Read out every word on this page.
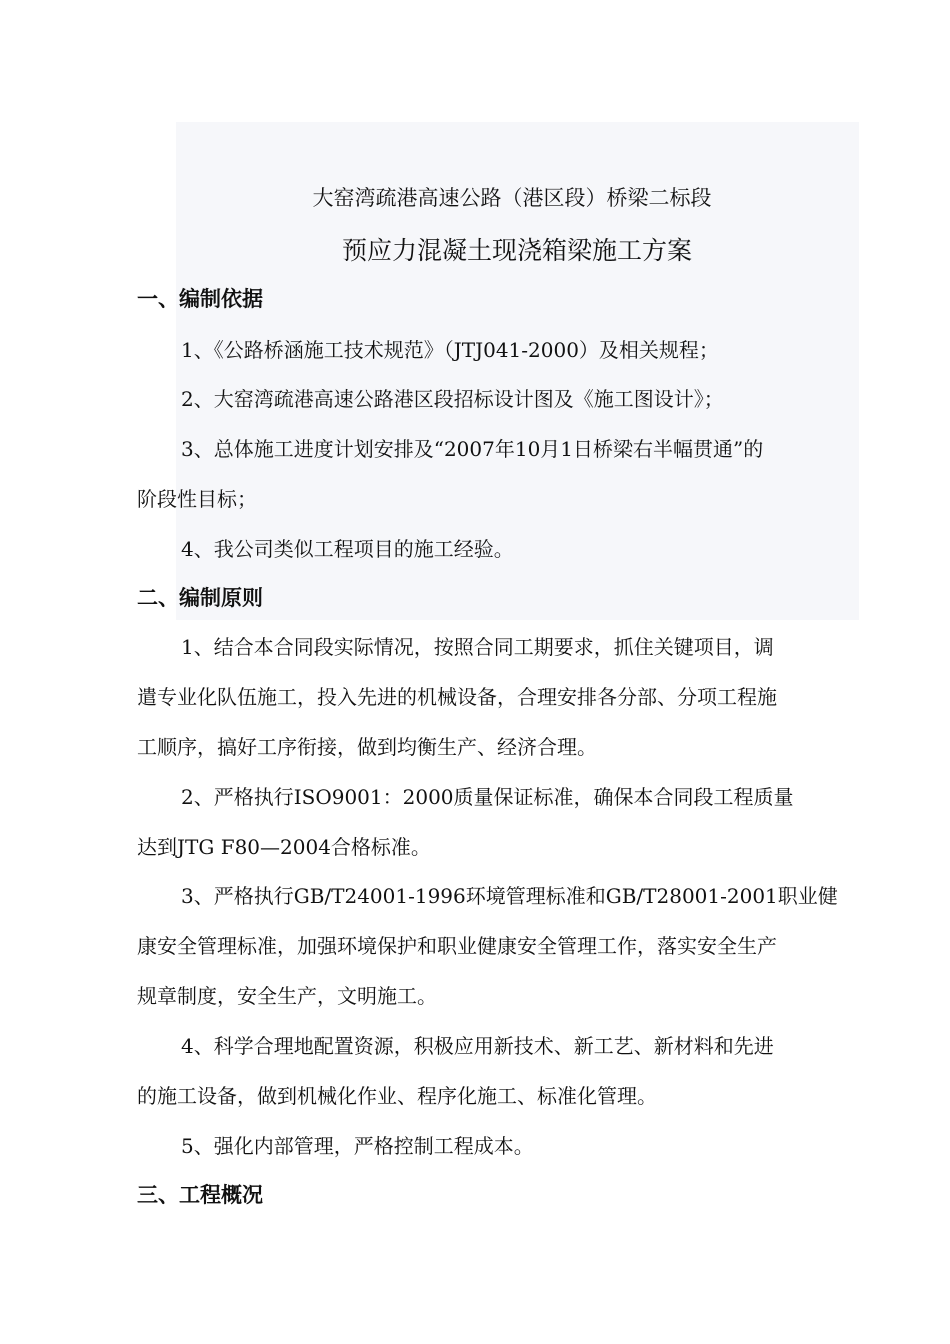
大窑湾疏港高速公路（港区段）桥梁二标段
预应力混凝土现浇箱梁施工方案
一、编制依据
1、《公路桥涵施工技术规范》（JTJ041-2000）及相关规程；
2、大窑湾疏港高速公路港区段招标设计图及《施工图设计》；
3、总体施工进度计划安排及“2007年10月1日桥梁右半幅贯通”的
阶段性目标；
4、我公司类似工程项目的施工经验。
二、编制原则
1、结合本合同段实际情况，按照合同工期要求，抓住关键项目，调
遣专业化队伍施工，投入先进的机械设备，合理安排各分部、分项工程施
工顺序，搞好工序衔接，做到均衡生产、经济合理。
2、严格执行ISO9001：2000质量保证标准，确保本合同段工程质量
达到JTG F80—2004合格标准。
3、严格执行GB/T24001-1996环境管理标准和GB/T28001-2001职业健
康安全管理标准，加强环境保护和职业健康安全管理工作，落实安全生产
规章制度，安全生产，文明施工。
4、科学合理地配置资源，积极应用新技术、新工艺、新材料和先进
的施工设备，做到机械化作业、程序化施工、标准化管理。
5、强化内部管理，严格控制工程成本。
三、工程概况
